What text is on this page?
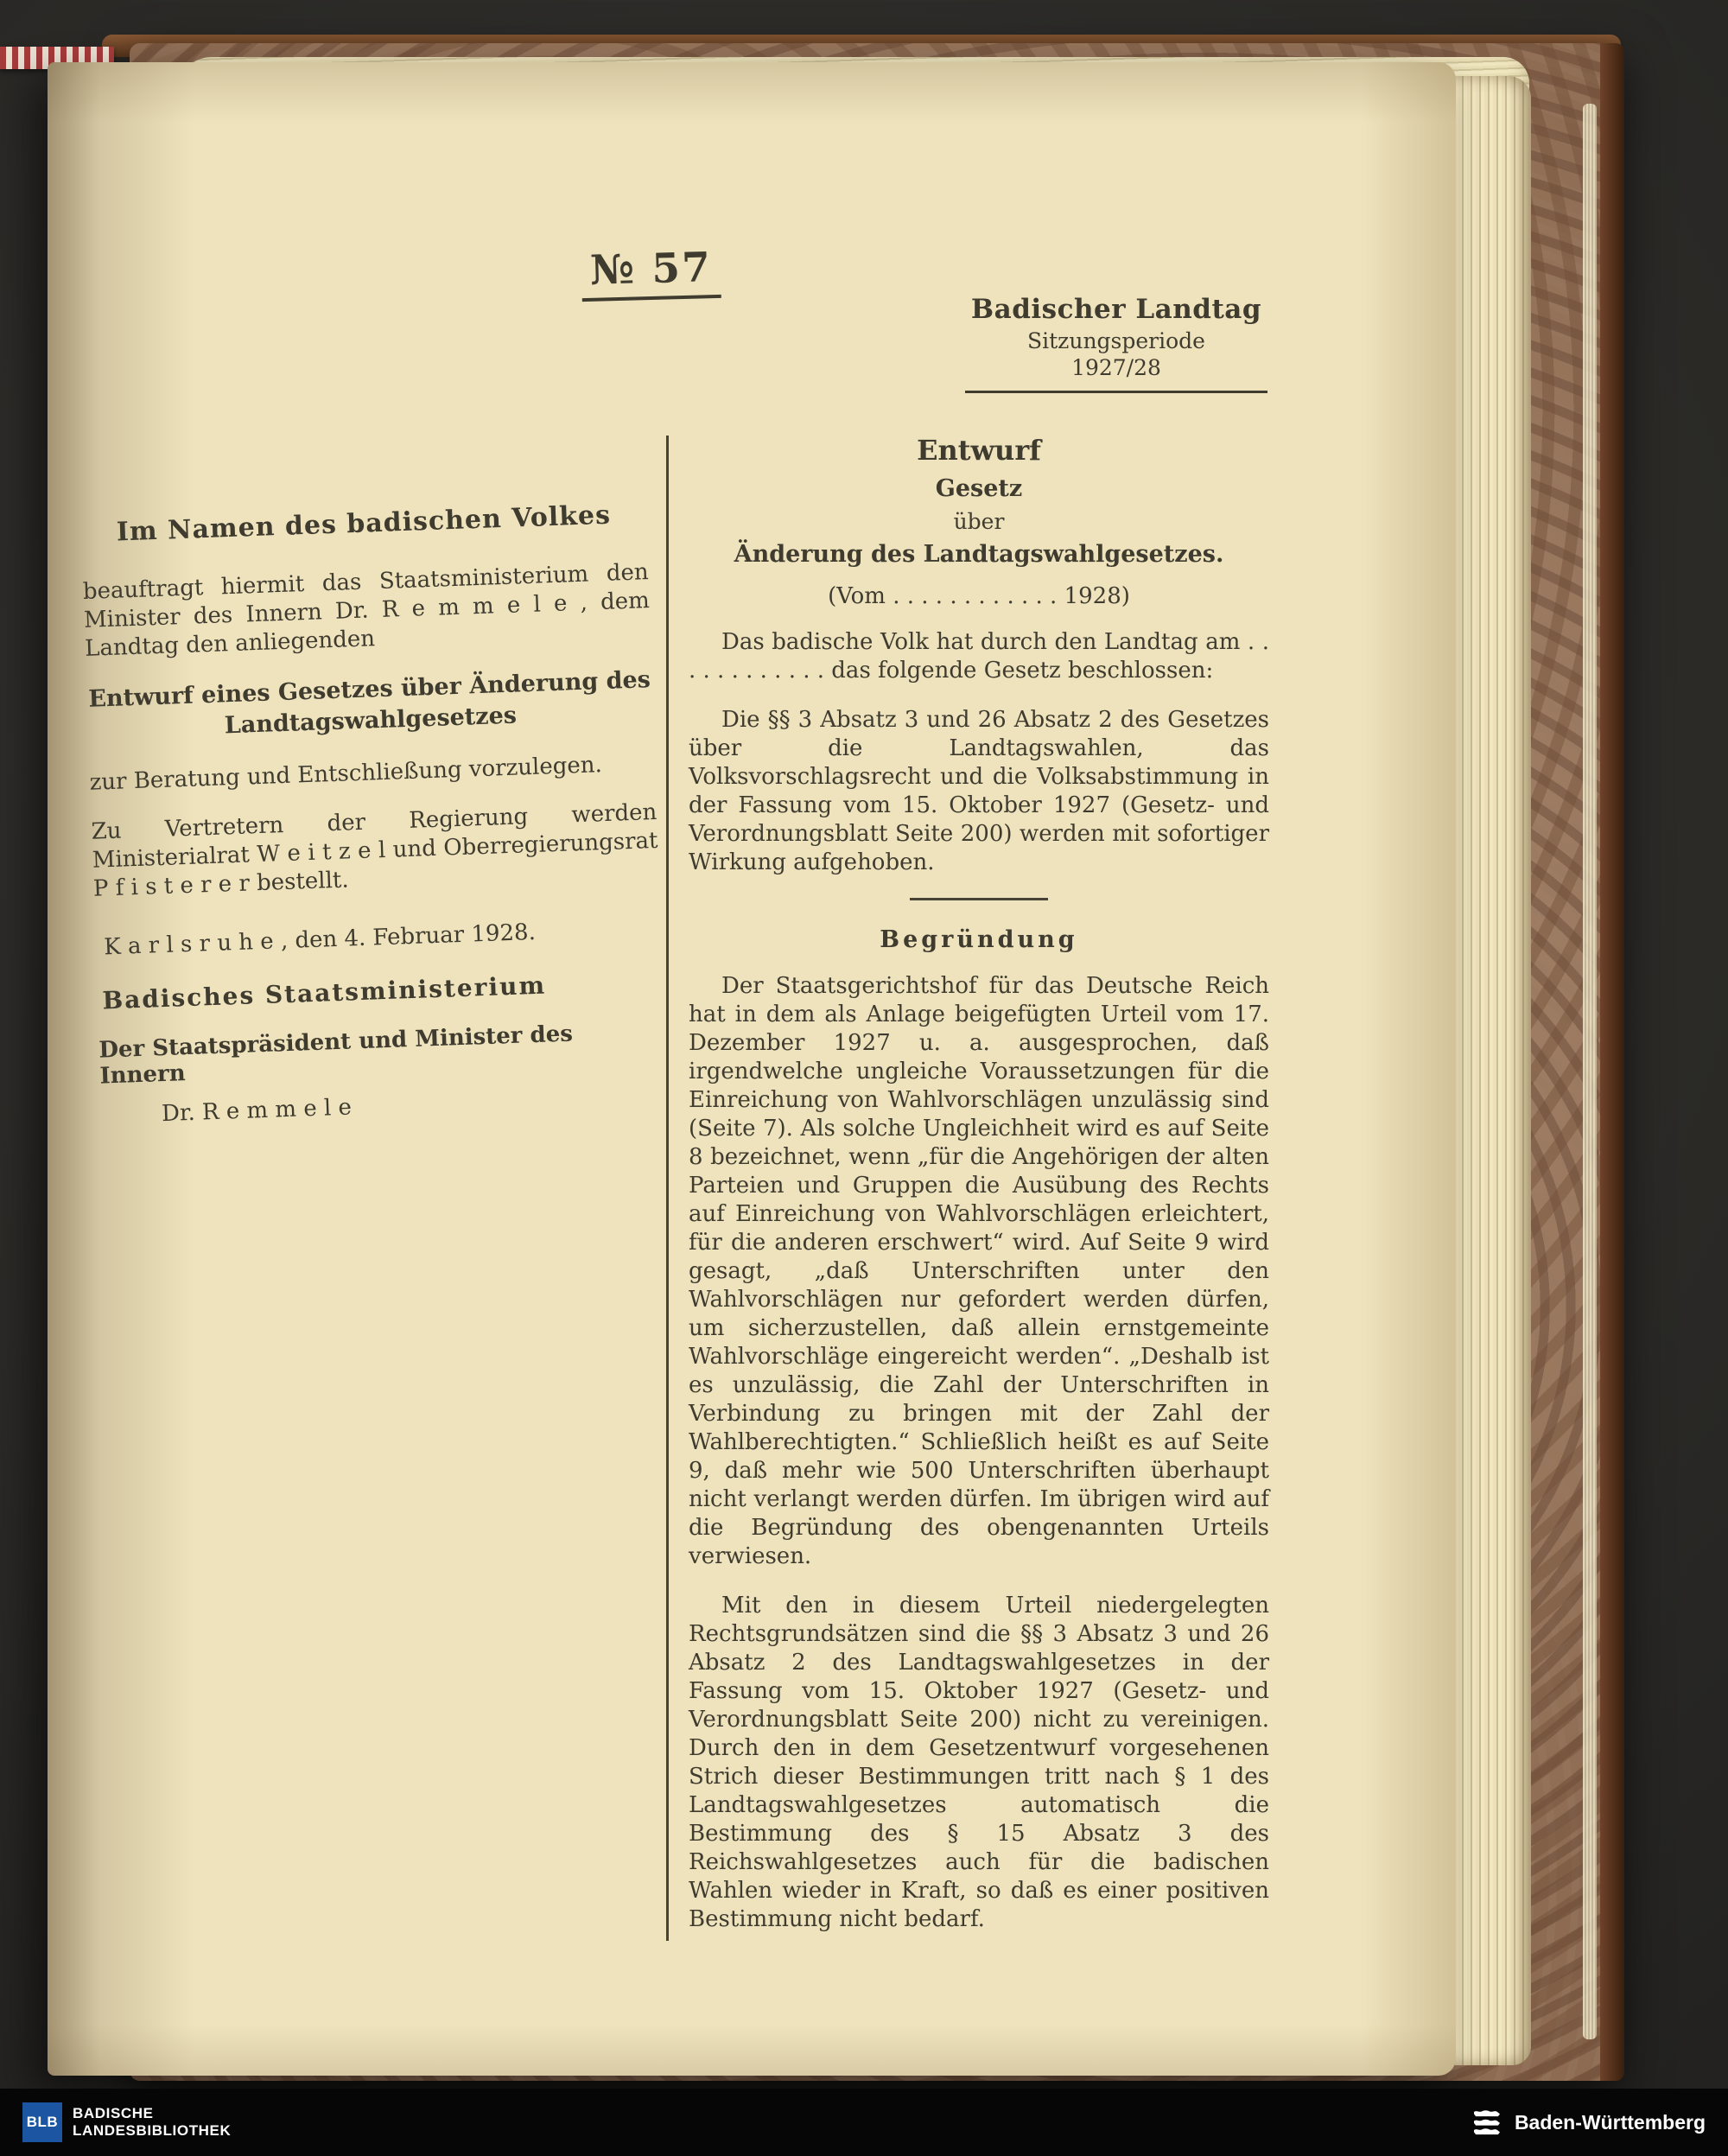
№ 57
Badischer Landtag
Sitzungsperiode
1927/28
Im Namen des badischen Volkes

beauftragt hiermit das Staatsministerium den Minister des Innern Dr. R e m m e l e , dem Landtag den anliegenden

Entwurf eines Gesetzes über Änderung des Landtagswahlgesetzes

zur Beratung und Entschließung vorzulegen.

Zu Vertretern der Regierung werden Ministerialrat W e i t z e l und Oberregierungsrat P f i s t e r e r bestellt.

K a r l s r u h e , den 4. Februar 1928.

Badisches Staatsministerium

Der Staatspräsident und Minister des Innern

Dr. R e m m e l e

Entwurf
Gesetz
über
Änderung des Landtagswahlgesetzes.
(Vom . . . . . . . . . . . . 1928)

Das badische Volk hat durch den Landtag am . . . . . . . . . . . . das folgende Gesetz beschlossen:

Die §§ 3 Absatz 3 und 26 Absatz 2 des Gesetzes über die Landtagswahlen, das Volksvorschlagsrecht und die Volksabstimmung in der Fassung vom 15. Oktober 1927 (Gesetz- und Verordnungsblatt Seite 200) werden mit sofortiger Wirkung aufgehoben.

Begründung

Der Staatsgerichtshof für das Deutsche Reich hat in dem als Anlage beigefügten Urteil vom 17. Dezember 1927 u. a. ausgesprochen, daß irgendwelche ungleiche Voraussetzungen für die Einreichung von Wahlvorschlägen unzulässig sind (Seite 7). Als solche Ungleichheit wird es auf Seite 8 bezeichnet, wenn „für die Angehörigen der alten Parteien und Gruppen die Ausübung des Rechts auf Einreichung von Wahlvorschlägen erleichtert, für die anderen erschwert“ wird. Auf Seite 9 wird gesagt, „daß Unterschriften unter den Wahlvorschlägen nur gefordert werden dürfen, um sicherzustellen, daß allein ernstgemeinte Wahlvorschläge eingereicht werden“. „Deshalb ist es unzulässig, die Zahl der Unterschriften in Verbindung zu bringen mit der Zahl der Wahlberechtigten.“ Schließlich heißt es auf Seite 9, daß mehr wie 500 Unterschriften überhaupt nicht verlangt werden dürfen. Im übrigen wird auf die Begründung des obengenannten Urteils verwiesen.

Mit den in diesem Urteil niedergelegten Rechtsgrundsätzen sind die §§ 3 Absatz 3 und 26 Absatz 2 des Landtagswahlgesetzes in der Fassung vom 15. Oktober 1927 (Gesetz- und Verordnungsblatt Seite 200) nicht zu vereinigen. Durch den in dem Gesetzentwurf vorgesehenen Strich dieser Bestimmungen tritt nach § 1 des Landtagswahlgesetzes automatisch die Bestimmung des § 15 Absatz 3 des Reichswahlgesetzes auch für die badischen Wahlen wieder in Kraft, so daß es einer positiven Bestimmung nicht bedarf.

BLB
BADISCHE
LANDESBIBLIOTHEK	Baden-Württemberg
